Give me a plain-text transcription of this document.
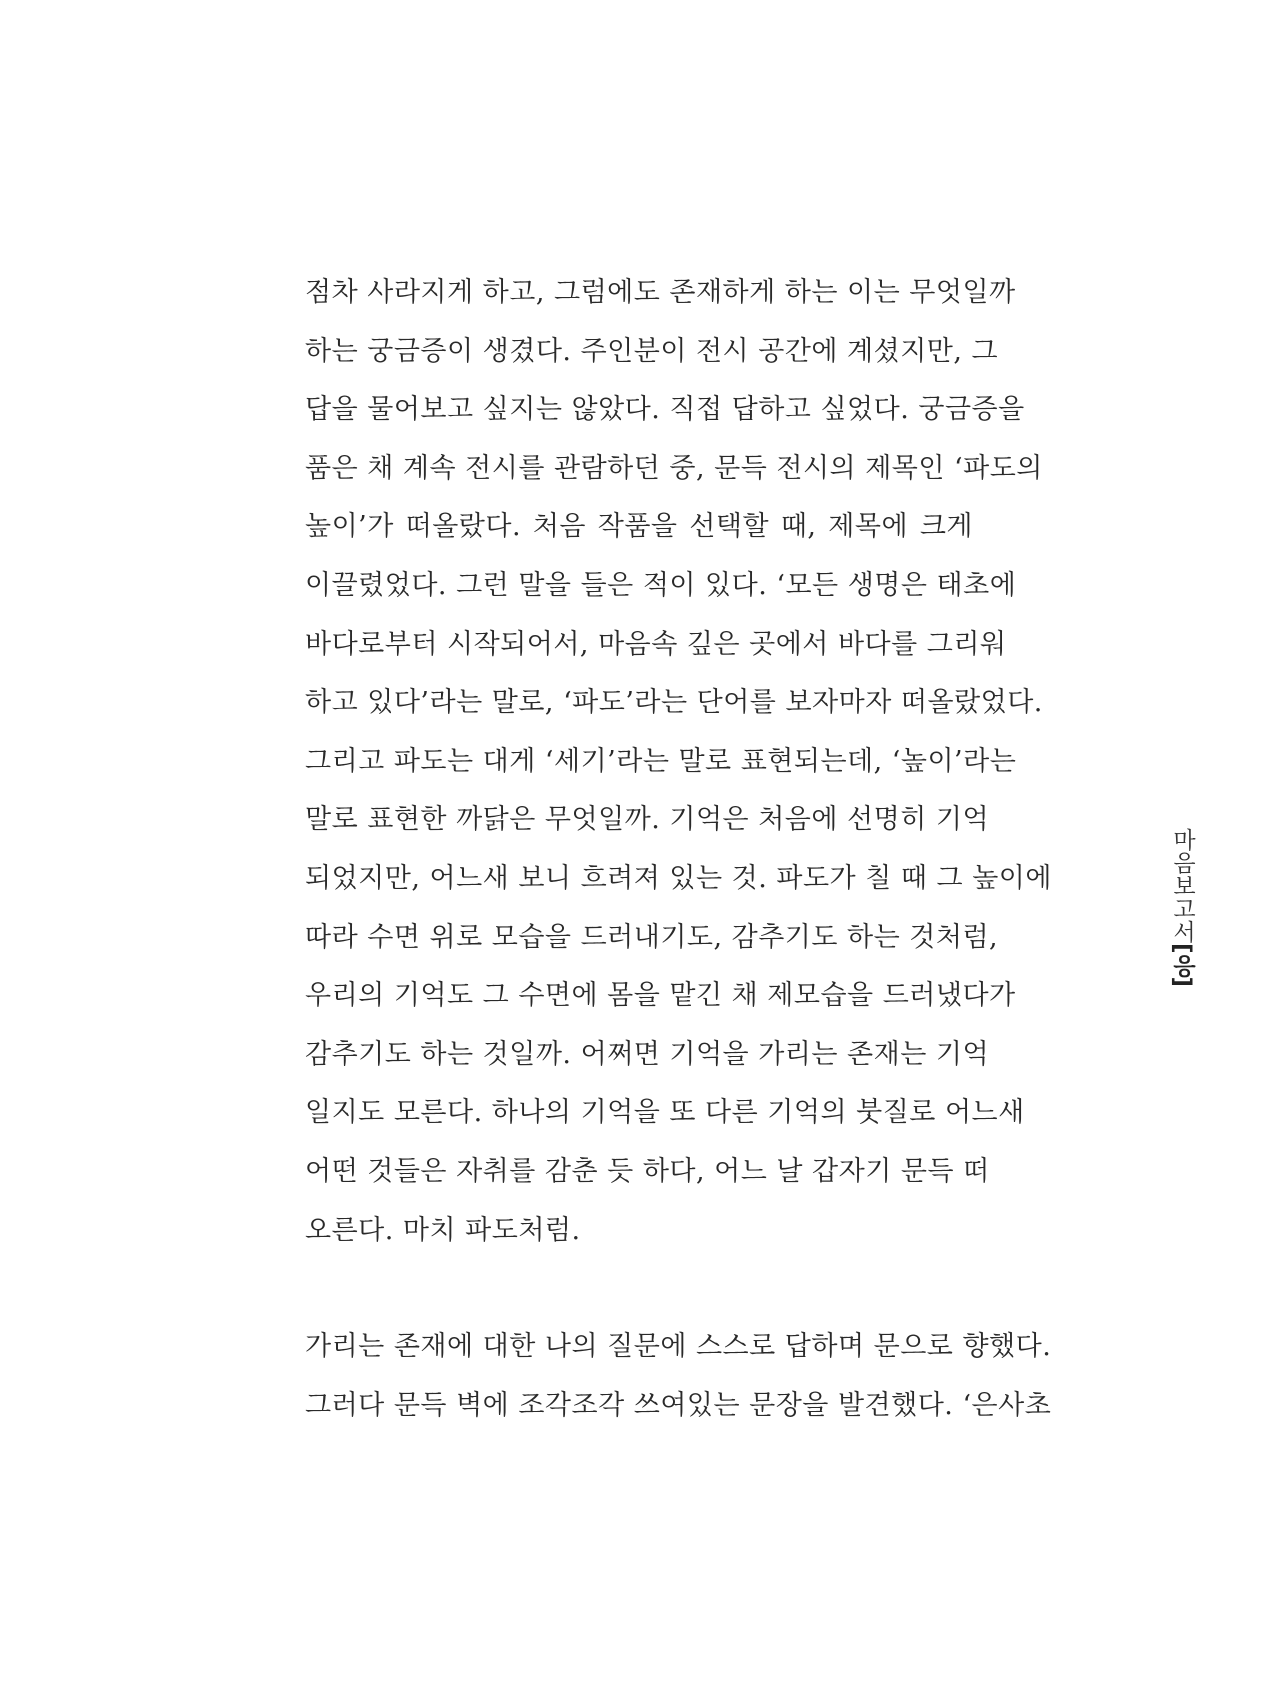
점차 사라지게 하고, 그럼에도 존재하게 하는 이는 무엇일까
하는 궁금증이 생겼다. 주인분이 전시 공간에 계셨지만, 그
답을 물어보고 싶지는 않았다. 직접 답하고 싶었다. 궁금증을
품은 채 계속 전시를 관람하던 중, 문득 전시의 제목인 ‘파도의
높이’가 떠올랐다. 처음 작품을 선택할 때, 제목에 크게
이끌렸었다. 그런 말을 들은 적이 있다. ‘모든 생명은 태초에
바다로부터 시작되어서, 마음속 깊은 곳에서 바다를 그리워
하고 있다’라는 말로, ‘파도’라는 단어를 보자마자 떠올랐었다.
그리고 파도는 대게 ‘세기’라는 말로 표현되는데, ‘높이’라는
말로 표현한 까닭은 무엇일까. 기억은 처음에 선명히 기억
되었지만, 어느새 보니 흐려져 있는 것. 파도가 칠 때 그 높이에
따라 수면 위로 모습을 드러내기도, 감추기도 하는 것처럼,
우리의 기억도 그 수면에 몸을 맡긴 채 제모습을 드러냈다가
감추기도 하는 것일까. 어쩌면 기억을 가리는 존재는 기억
일지도 모른다. 하나의 기억을 또 다른 기억의 붓질로 어느새
어떤 것들은 자취를 감춘 듯 하다, 어느 날 갑자기 문득 떠
오른다. 마치 파도처럼.
가리는 존재에 대한 나의 질문에 스스로 답하며 문으로 향했다.
그러다 문득 벽에 조각조각 쓰여있는 문장을 발견했다. ‘은사초
마음보고서[응]
